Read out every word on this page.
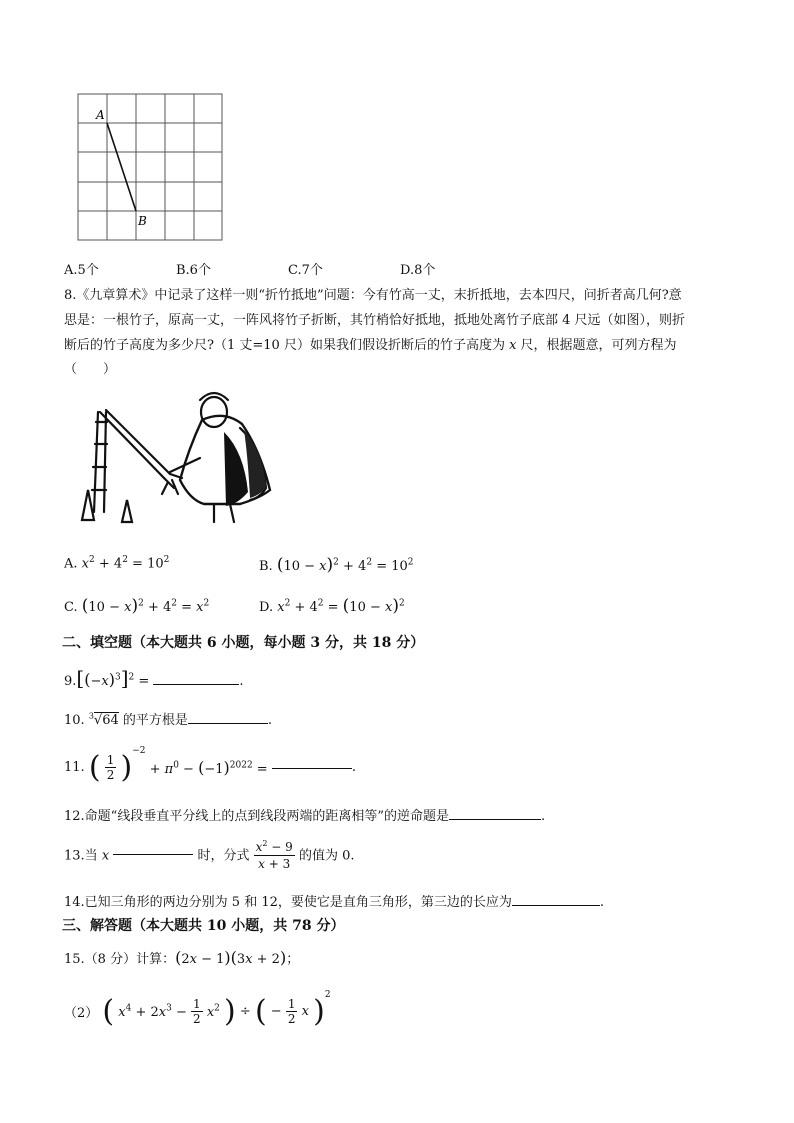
A
B
A.5个	B.6个	C.7个	D.8个
8.《九章算术》中记录了这样一则“折竹抵地”问题：今有竹高一丈，末折抵地，去本四尺，问折者高几何?意
思是：一根竹子，原高一丈，一阵风将竹子折断，其竹梢恰好抵地，抵地处离竹子底部 4 尺远（如图），则折
断后的竹子高度为多少尺?（1 丈=10 尺）如果我们假设折断后的竹子高度为 x 尺，根据题意，可列方程为
（　　）
A. $x^2 + 4^2 = 10^2$	B. $(10 - x)^2 + 4^2 = 10^2$
C. $(10 - x)^2 + 4^2 = x^2$	D. $x^2 + 4^2 = (10 - x)^2$
二、填空题（本大题共 6 小题，每小题 3 分，共 18 分）
$9.[(-x)^3]^2$ =	.
10. $^3$√64 的平方根是	.
11. ( $\frac{1}{2} )^{-2} + \pi^0 - (-1)^{2022}$ =	.
12.命题“线段垂直平分线上的点到线段两端的距离相等”的逆命题是	.
13.当 x	时，分式 $\frac{x^2 - 9}{x + 3}$ 的值为 0.
14.已知三角形的两边分别为 5 和 12，要使它是直角三角形，第三边的长应为	.
三、解答题（本大题共 10 小题，共 78 分）
15.（8 分）计算：(2x − 1)(3x + 2)；
（2） ( $x^4 + 2x^3 - \frac{1}{2} x^2$ ) ÷ ( − $\frac{1}{2}$ x )$^2$
